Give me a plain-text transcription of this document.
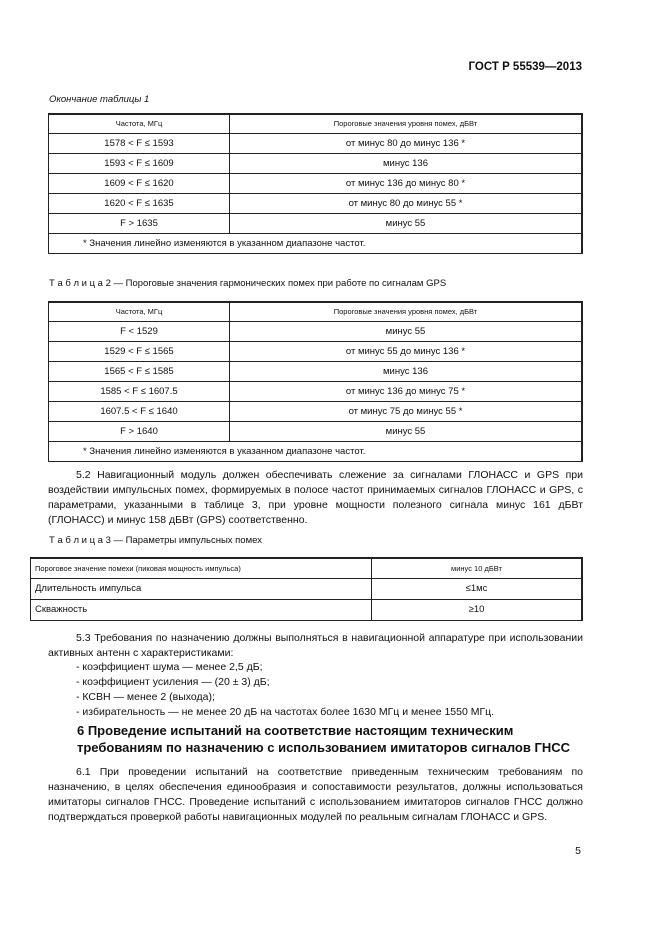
ГОСТ Р 55539—2013
Окончание таблицы 1
Частота, МГц	Пороговые значения уровня помех, дБВт
1578 < F ≤ 1593	от минус 80 до минус 136 *
1593 < F ≤ 1609	минус 136
1609 < F ≤ 1620	от минус 136 до минус 80 *
1620 < F ≤ 1635	от минус 80 до минус 55 *
F > 1635	минус 55
* Значения линейно изменяются в указанном диапазоне частот.	
Т а б л и ц а 2 — Пороговые значения гармонических помех при работе по сигналам GPS
Частота, МГц	Пороговые значения уровня помех, дБВт
F < 1529	минус 55
1529 < F ≤ 1565	от минус 55 до минус 136 *
1565 < F ≤ 1585	минус 136
1585 < F ≤ 1607.5	от минус 136 до минус 75 *
1607.5 < F ≤ 1640	от минус 75 до минус 55 *
F > 1640	минус 55
* Значения линейно изменяются в указанном диапазоне частот.	

5.2 Навигационный модуль должен обеспечивать слежение за сигналами ГЛОНАСС и GPS при воздействии импульсных помех, формируемых в полосе частот принимаемых сигналов ГЛОНАСС и GPS, с параметрами, указанными в таблице 3, при уровне мощности полезного сигнала минус 161 дБВт (ГЛОНАСС) и минус 158 дБВт (GPS) соответственно.

Т а б л и ц а 3 — Параметры импульсных помех
Пороговое значение помехи (пиковая мощность импульса)	минус 10 дБВт
Длительность импульса	≤1мс
Скважность	≥10

5.3 Требования по назначению должны выполняться в навигационной аппаратуре при использовании активных антенн с характеристиками:

- коэффициент шума — менее 2,5 дБ;
- коэффициент усиления — (20 ± 3) дБ;
- КСВН — менее 2 (выхода);
- избирательность — не менее 20 дБ на частотах более 1630 МГц и менее 1550 МГц.
6 Проведение испытаний на соответствие настоящим техническим
требованиям по назначению с использованием имитаторов сигналов ГНСС

6.1 При проведении испытаний на соответствие приведенным техническим требованиям по назначению, в целях обеспечения единообразия и сопоставимости результатов, должны использоваться имитаторы сигналов ГНСС. Проведение испытаний с использованием имитаторов сигналов ГНСС должно подтверждаться проверкой работы навигационных модулей по реальным сигналам ГЛОНАСС и GPS.

5
